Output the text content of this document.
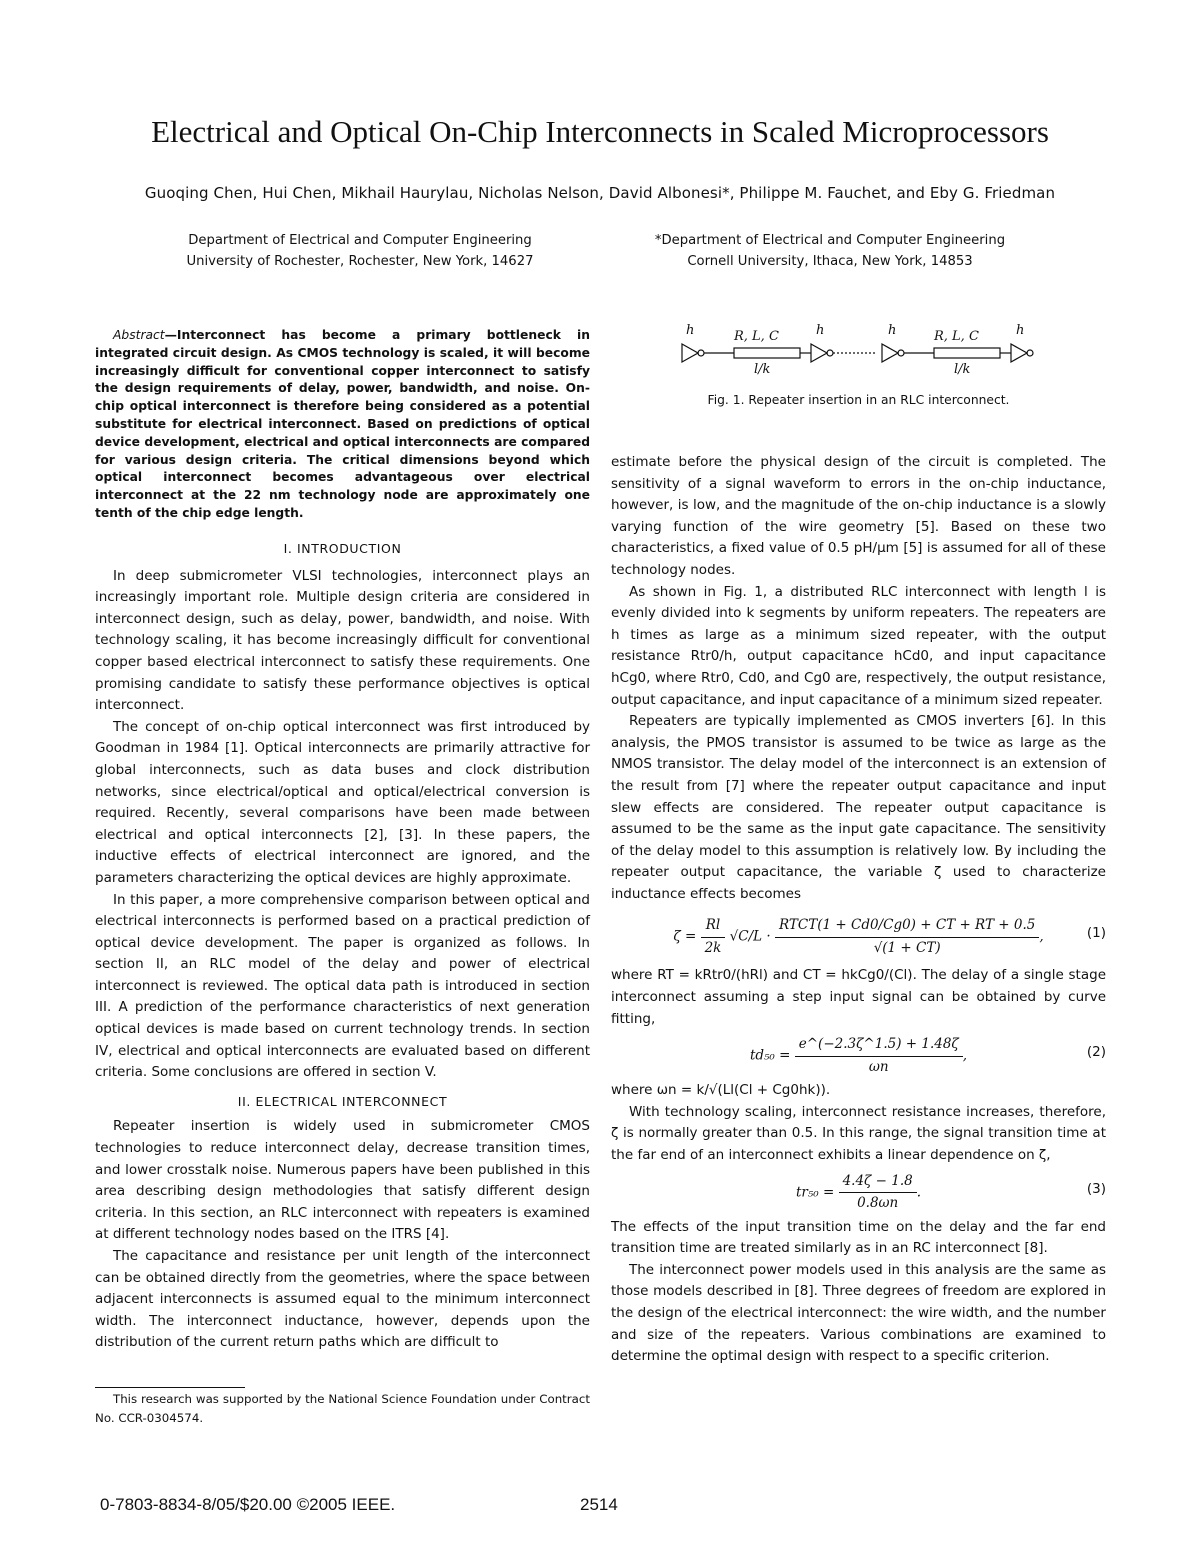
Electrical and Optical On-Chip Interconnects in Scaled Microprocessors
Guoqing Chen, Hui Chen, Mikhail Haurylau, Nicholas Nelson, David Albonesi*, Philippe M. Fauchet, and Eby G. Friedman
Department of Electrical and Computer Engineering
University of Rochester, Rochester, New York, 14627
*Department of Electrical and Computer Engineering
Cornell University, Ithaca, New York, 14853
Abstract—Interconnect has become a primary bottleneck in integrated circuit design. As CMOS technology is scaled, it will become increasingly difficult for conventional copper interconnect to satisfy the design requirements of delay, power, bandwidth, and noise. On-chip optical interconnect is therefore being considered as a potential substitute for electrical interconnect. Based on predictions of optical device development, electrical and optical interconnects are compared for various design criteria. The critical dimensions beyond which optical interconnect becomes advantageous over electrical interconnect at the 22 nm technology node are approximately one tenth of the chip edge length.
I. INTRODUCTION

In deep submicrometer VLSI technologies, interconnect plays an increasingly important role. Multiple design criteria are considered in interconnect design, such as delay, power, bandwidth, and noise. With technology scaling, it has become increasingly difficult for conventional copper based electrical interconnect to satisfy these requirements. One promising candidate to satisfy these performance objectives is optical interconnect.

The concept of on-chip optical interconnect was first introduced by Goodman in 1984 [1]. Optical interconnects are primarily attractive for global interconnects, such as data buses and clock distribution networks, since electrical/optical and optical/electrical conversion is required. Recently, several comparisons have been made between electrical and optical interconnects [2], [3]. In these papers, the inductive effects of electrical interconnect are ignored, and the parameters characterizing the optical devices are highly approximate.

In this paper, a more comprehensive comparison between optical and electrical interconnects is performed based on a practical prediction of optical device development. The paper is organized as follows. In section II, an RLC model of the delay and power of electrical interconnect is reviewed. The optical data path is introduced in section III. A prediction of the performance characteristics of next generation optical devices is made based on current technology trends. In section IV, electrical and optical interconnects are evaluated based on different criteria. Some conclusions are offered in section V.

II. ELECTRICAL INTERCONNECT

Repeater insertion is widely used in submicrometer CMOS technologies to reduce interconnect delay, decrease transition times, and lower crosstalk noise. Numerous papers have been published in this area describing design methodologies that satisfy different design criteria. In this section, an RLC interconnect with repeaters is examined at different technology nodes based on the ITRS [4].

The capacitance and resistance per unit length of the interconnect can be obtained directly from the geometries, where the space between adjacent interconnects is assumed equal to the minimum interconnect width. The interconnect inductance, however, depends upon the distribution of the current return paths which are difficult to

This research was supported by the National Science Foundation under Contract No. CCR-0304574.
h	R, L, C	h
l/k
h	R, L, C	h
l/k
Fig. 1. Repeater insertion in an RLC interconnect.

estimate before the physical design of the circuit is completed. The sensitivity of a signal waveform to errors in the on-chip inductance, however, is low, and the magnitude of the on-chip inductance is a slowly varying function of the wire geometry [5]. Based on these two characteristics, a fixed value of 0.5 pH/μm [5] is assumed for all of these technology nodes.

As shown in Fig. 1, a distributed RLC interconnect with length l is evenly divided into k segments by uniform repeaters. The repeaters are h times as large as a minimum sized repeater, with the output resistance Rtr0/h, output capacitance hCd0, and input capacitance hCg0, where Rtr0, Cd0, and Cg0 are, respectively, the output resistance, output capacitance, and input capacitance of a minimum sized repeater.

Repeaters are typically implemented as CMOS inverters [6]. In this analysis, the PMOS transistor is assumed to be twice as large as the NMOS transistor. The delay model of the interconnect is an extension of the result from [7] where the repeater output capacitance and input slew effects are considered. The repeater output capacitance is assumed to be the same as the input gate capacitance. The sensitivity of the delay model to this assumption is relatively low. By including the repeater output capacitance, the variable ζ used to characterize inductance effects becomes

$\zeta = \frac{Rl}{2k} √C/L \cdot \frac{\text{RTCT(1 + Cd0/Cg0) + CT + RT + 0.5}}{√(1 + CT)}$ ,	(1)

where RT = kRtr0/(hRl) and CT = hkCg0/(Cl). The delay of a single stage interconnect assuming a step input signal can be obtained by curve fitting,

$td_{50} = \frac{e\^{}(-2.3\zeta\^{}1.5) + 1.48\zeta}{\omega n}$ ,	(2)

where ωn = k/√(Ll(Cl + Cg0hk)).

With technology scaling, interconnect resistance increases, therefore, ζ is normally greater than 0.5. In this range, the signal transition time at the far end of an interconnect exhibits a linear dependence on ζ,

$tr_{50} = \frac{4.4\zeta - 1.8}{0.8\omega n}$ .	(3)

The effects of the input transition time on the delay and the far end transition time are treated similarly as in an RC interconnect [8].

The interconnect power models used in this analysis are the same as those models described in [8]. Three degrees of freedom are explored in the design of the electrical interconnect: the wire width, and the number and size of the repeaters. Various combinations are examined to determine the optimal design with respect to a specific criterion.

0-7803-8834-8/05/$20.00 ©2005 IEEE.	2514
